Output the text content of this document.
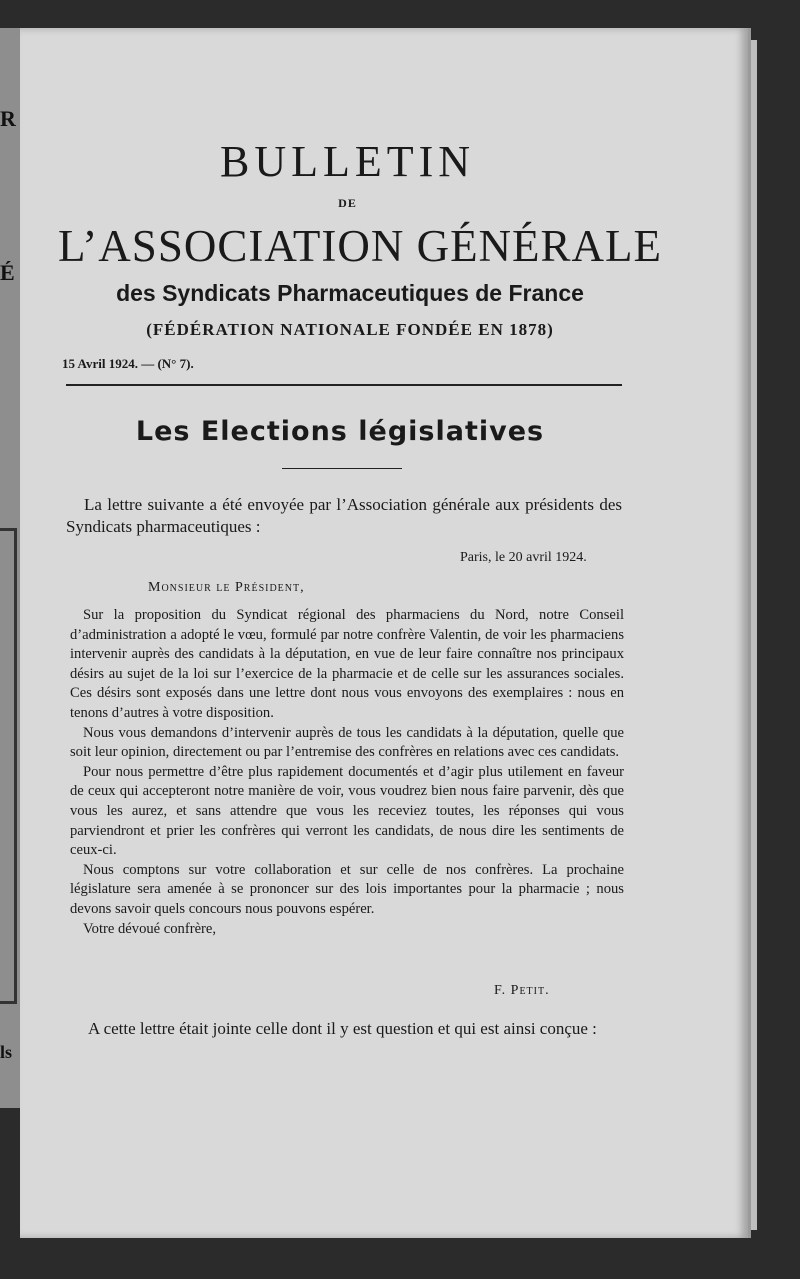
R
É
ls
BULLETIN
DE
L’ASSOCIATION GÉNÉRALE
des Syndicats Pharmaceutiques de France
(FÉDÉRATION NATIONALE FONDÉE EN 1878)
15 Avril 1924. — (N° 7).
Les Elections législatives
La lettre suivante a été envoyée par l’Association générale aux présidents des Syndicats pharmaceutiques :
Paris, le 20 avril 1924.
Monsieur le Président,

Sur la proposition du Syndicat régional des pharmaciens du Nord, notre Conseil d’administration a adopté le vœu, formulé par notre confrère Valentin, de voir les pharmaciens intervenir auprès des candidats à la députation, en vue de leur faire connaître nos principaux désirs au sujet de la loi sur l’exercice de la pharmacie et de celle sur les assurances sociales. Ces désirs sont exposés dans une lettre dont nous vous envoyons des exemplaires : nous en tenons d’autres à votre disposition.

Nous vous demandons d’intervenir auprès de tous les candidats à la députation, quelle que soit leur opinion, directement ou par l’entremise des confrères en relations avec ces candidats.

Pour nous permettre d’être plus rapidement documentés et d’agir plus utilement en faveur de ceux qui accepteront notre manière de voir, vous voudrez bien nous faire parvenir, dès que vous les aurez, et sans attendre que vous les receviez toutes, les réponses qui vous parviendront et prier les confrères qui verront les candidats, de nous dire les sentiments de ceux-ci.

Nous comptons sur votre collaboration et sur celle de nos confrères. La prochaine législature sera amenée à se prononcer sur des lois importantes pour la pharmacie ; nous devons savoir quels concours nous pouvons espérer.

Votre dévoué confrère,

F. Petit.

A cette lettre était jointe celle dont il y est question et qui est ainsi conçue :
